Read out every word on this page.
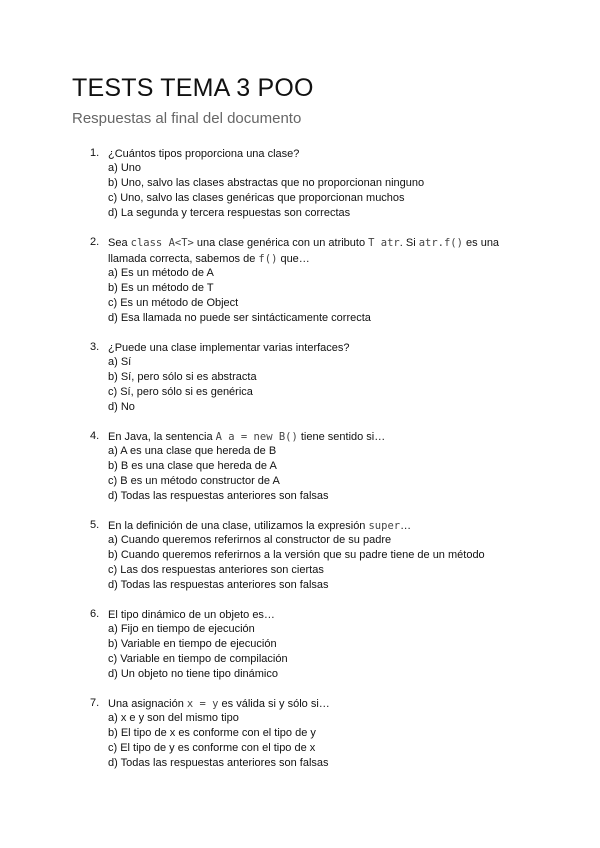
TESTS TEMA 3 POO

Respuestas al final del documento

1. ¿Cuántos tipos proporciona una clase?
a) Uno
b) Uno, salvo las clases abstractas que no proporcionan ninguno
c) Uno, salvo las clases genéricas que proporcionan muchos
d) La segunda y tercera respuestas son correctas
2. Sea class A<T> una clase genérica con un atributo T atr. Si atr.f() es una llamada correcta, sabemos de f() que…
a) Es un método de A
b) Es un método de T
c) Es un método de Object
d) Esa llamada no puede ser sintácticamente correcta
3. ¿Puede una clase implementar varias interfaces?
a) Sí
b) Sí, pero sólo si es abstracta
c) Sí, pero sólo si es genérica
d) No
4. En Java, la sentencia A a = new B() tiene sentido si…
a) A es una clase que hereda de B
b) B es una clase que hereda de A
c) B es un método constructor de A
d) Todas las respuestas anteriores son falsas
5. En la definición de una clase, utilizamos la expresión super…
a) Cuando queremos referirnos al constructor de su padre
b) Cuando queremos referirnos a la versión que su padre tiene de un método
c) Las dos respuestas anteriores son ciertas
d) Todas las respuestas anteriores son falsas
6. El tipo dinámico de un objeto es…
a) Fijo en tiempo de ejecución
b) Variable en tiempo de ejecución
c) Variable en tiempo de compilación
d) Un objeto no tiene tipo dinámico
7. Una asignación x = y es válida si y sólo si…
a) x e y son del mismo tipo
b) El tipo de x es conforme con el tipo de y
c) El tipo de y es conforme con el tipo de x
d) Todas las respuestas anteriores son falsas
